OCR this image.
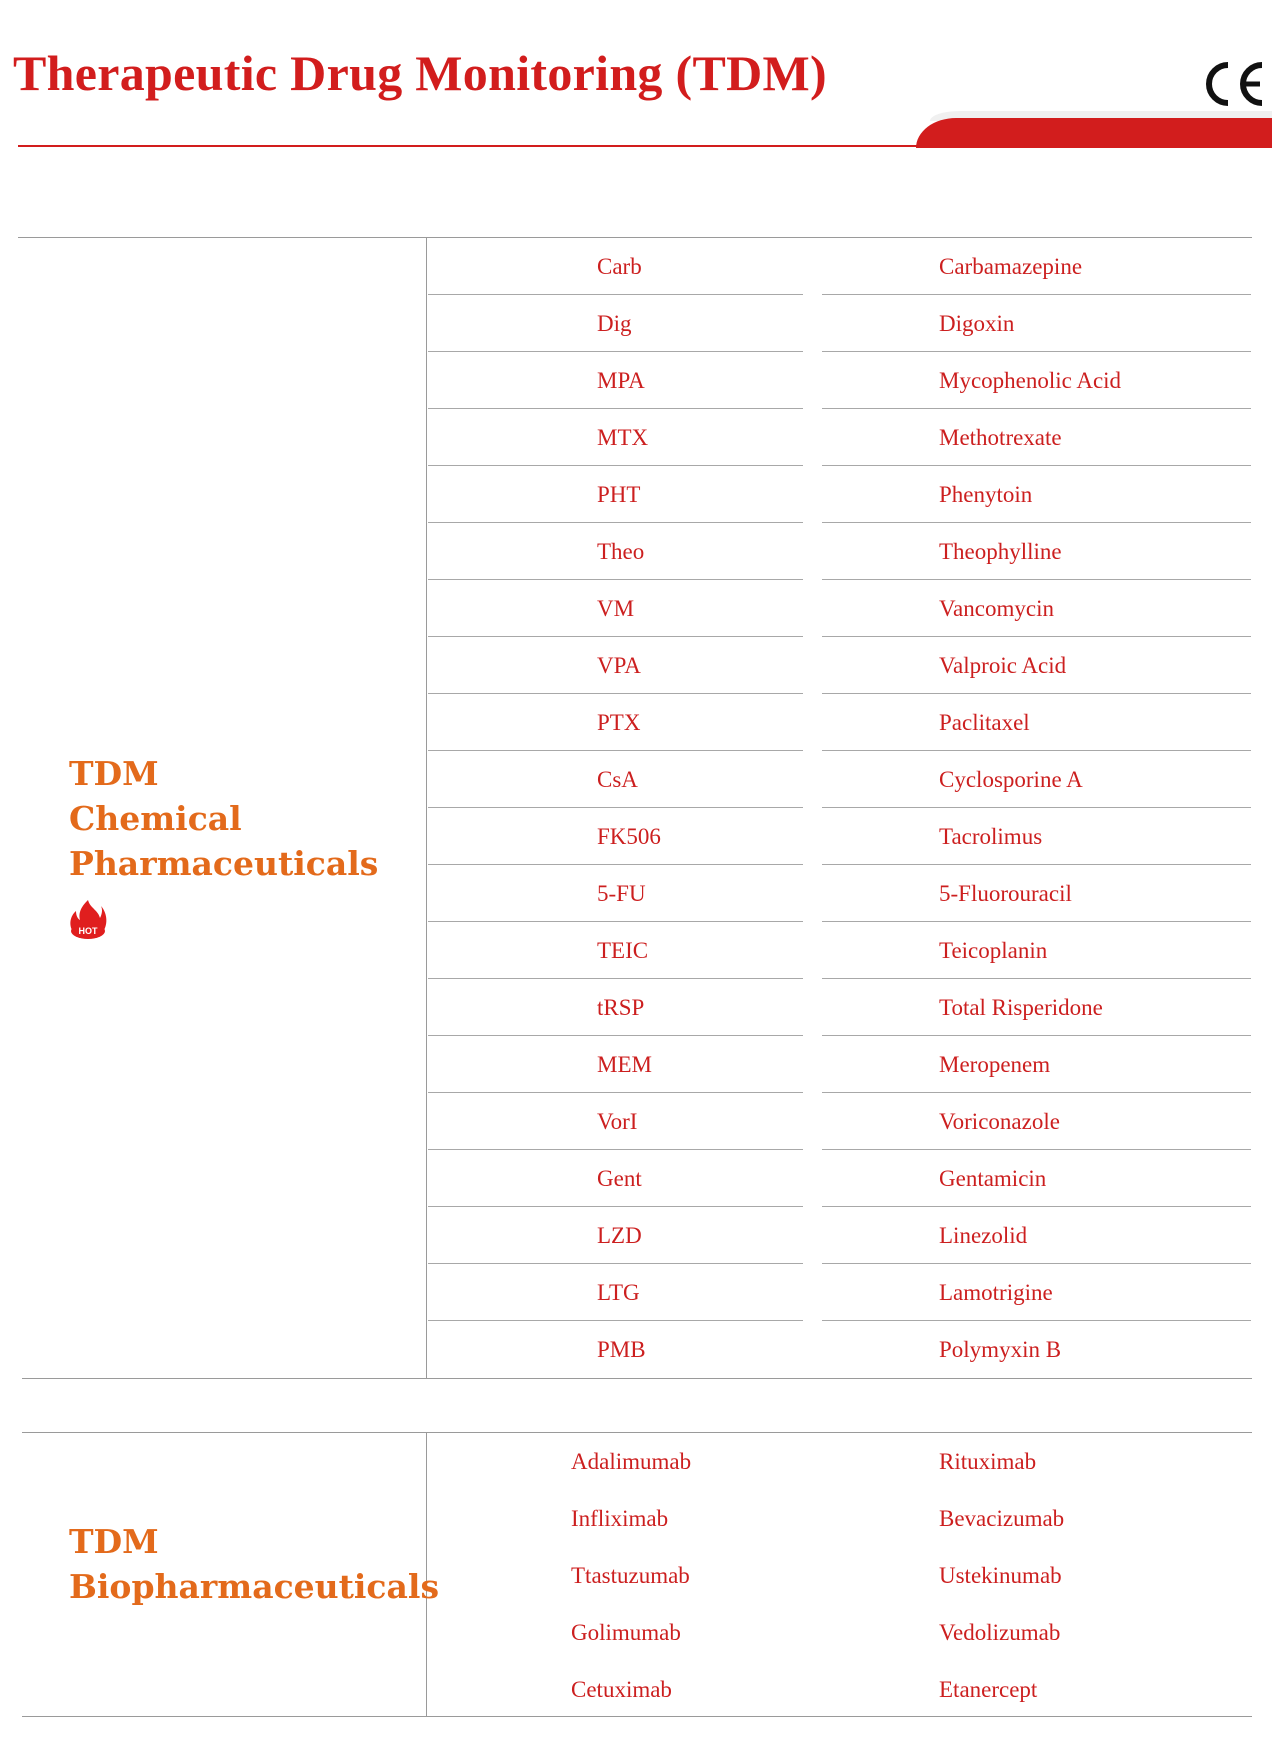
Therapeutic Drug Monitoring (TDM)
TDM
Chemical
Pharmaceuticals
HOT
Carb	Carbamazepine
Dig	Digoxin
MPA	Mycophenolic Acid
MTX	Methotrexate
PHT	Phenytoin
Theo	Theophylline
VM	Vancomycin
VPA	Valproic Acid
PTX	Paclitaxel
CsA	Cyclosporine A
FK506	Tacrolimus
5-FU	5-Fluorouracil
TEIC	Teicoplanin
tRSP	Total Risperidone
MEM	Meropenem
VorI	Voriconazole
Gent	Gentamicin
LZD	Linezolid
LTG	Lamotrigine
PMB	Polymyxin B
TDM
Biopharmaceuticals
Adalimumab	Rituximab
Infliximab	Bevacizumab
Ttastuzumab	Ustekinumab
Golimumab	Vedolizumab
Cetuximab	Etanercept
